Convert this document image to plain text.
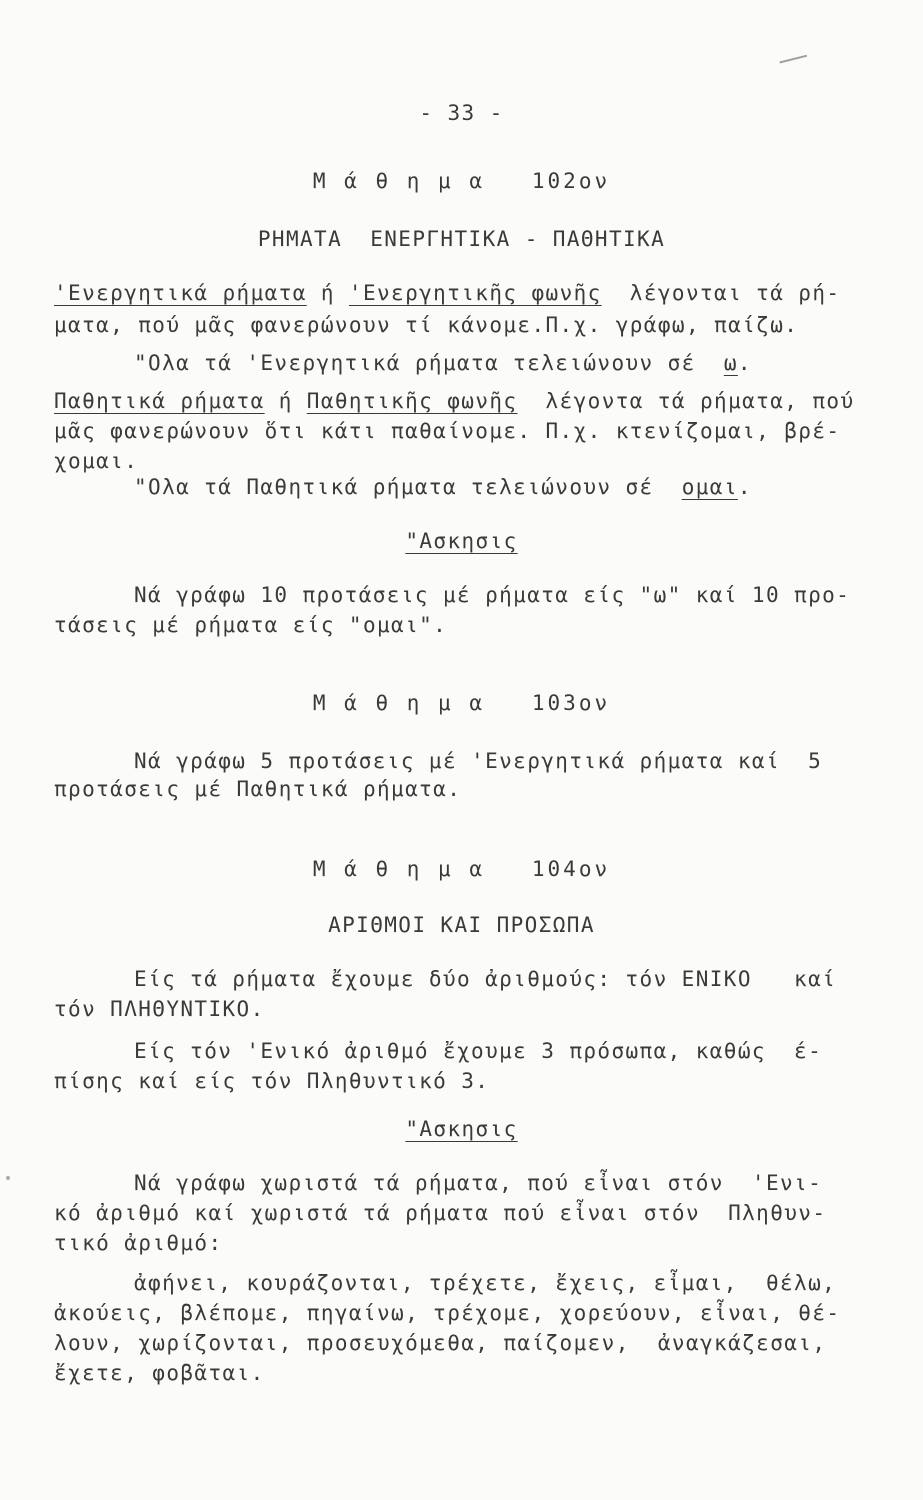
- 33 -
Μ ά θ η μ α   102ον
ΡΗΜΑΤΑ  ΕΝΕΡΓΗΤΙΚΑ - ΠΑΘΗΤΙΚΑ
'Ενεργητικά ρήματα ή 'Ενεργητικῆς φωνῆς  λέγονται τά ρή-
ματα, πού μᾶς φανερώνουν τί κάνομε.Π.χ. γράφω, παίζω.
"Ολα τά 'Ενεργητικά ρήματα τελειώνουν σέ  ω.
Παθητικά ρήματα ή Παθητικῆς φωνῆς  λέγοντα τά ρήματα, πού
μᾶς φανερώνουν ὅτι κάτι παθαίνομε. Π.χ. κτενίζομαι, βρέ-
χομαι.
"Ολα τά Παθητικά ρήματα τελειώνουν σέ  ομαι.
"Ασκησις
Νά γράφω 10 προτάσεις μέ ρήματα είς "ω" καί 10 προ-
τάσεις μέ ρήματα είς "ομαι".
Μ ά θ η μ α   103ον
Νά γράφω 5 προτάσεις μέ 'Ενεργητικά ρήματα καί  5
προτάσεις μέ Παθητικά ρήματα.
Μ ά θ η μ α   104ον
ΑΡΙΘΜΟΙ ΚΑΙ ΠΡΟΣΩΠΑ
Είς τά ρήματα ἔχουμε δύο ἀριθμούς: τόν ΕΝΙΚΟ   καί
τόν ΠΛΗΘΥΝΤΙΚΟ.
Είς τόν 'Ενικό ἀριθμό ἔχουμε 3 πρόσωπα, καθώς  έ-
πίσης καί είς τόν Πληθυντικό 3.
"Ασκησις
Νά γράφω χωριστά τά ρήματα, πού εἶναι στόν  'Ενι-
κό ἀριθμό καί χωριστά τά ρήματα πού εἶναι στόν  Πληθυν-
τικό ἀριθμό:
ἀφήνει, κουράζονται, τρέχετε, ἔχεις, εἶμαι,  θέλω,
ἀκούεις, βλέπομε, πηγαίνω, τρέχομε, χορεύουν, εἶναι, θέ-
λουν, χωρίζονται, προσευχόμεθα, παίζομεν,  ἀναγκάζεσαι,
ἔχετε, φοβᾶται.
